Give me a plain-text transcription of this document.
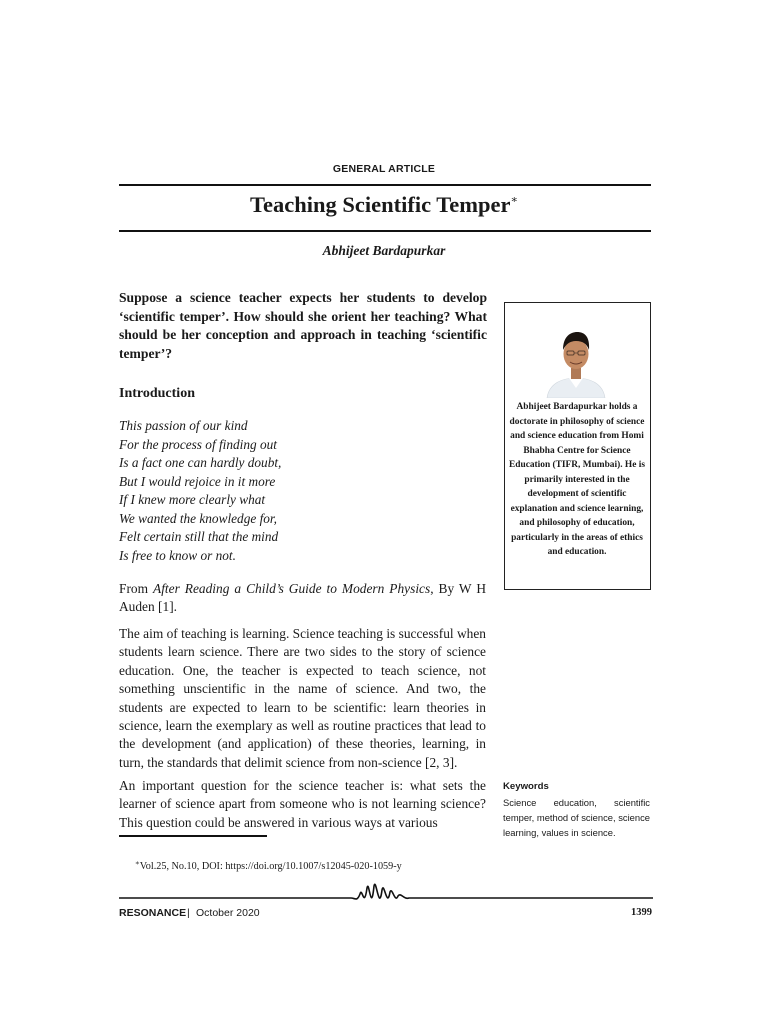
GENERAL ARTICLE
Teaching Scientific Temper∗
Abhijeet Bardapurkar
Suppose a science teacher expects her students to develop ‘scientific temper’. How should she orient her teaching? What should be her conception and approach in teaching ‘scientific temper’?
Introduction
This passion of our kind
For the process of finding out
Is a fact one can hardly doubt,
But I would rejoice in it more
If I knew more clearly what
We wanted the knowledge for,
Felt certain still that the mind
Is free to know or not.

From After Reading a Child’s Guide to Modern Physics, By W H Auden [1].

The aim of teaching is learning. Science teaching is successful when students learn science. There are two sides to the story of science education. One, the teacher is expected to teach science, not something unscientific in the name of science. And two, the students are expected to learn to be scientific: learn theories in science, learn the exemplary as well as routine practices that lead to the development (and application) of these theories, learning, in turn, the standards that delimit science from non-science [2, 3].

An important question for the science teacher is: what sets the learner of science apart from someone who is not learning science? This question could be answered in various ways at various

∗Vol.25, No.10, DOI: https://doi.org/10.1007/s12045-020-1059-y
Abhijeet Bardapurkar holds a doctorate in philosophy of science and science education from Homi Bhabha Centre for Science Education (TIFR, Mumbai). He is primarily interested in the development of scientific explanation and science learning, and philosophy of education, particularly in the areas of ethics and education.
Keywords
Science education, scientific temper, method of science, science learning, values in science.
RESONANCE | October 2020	1399
